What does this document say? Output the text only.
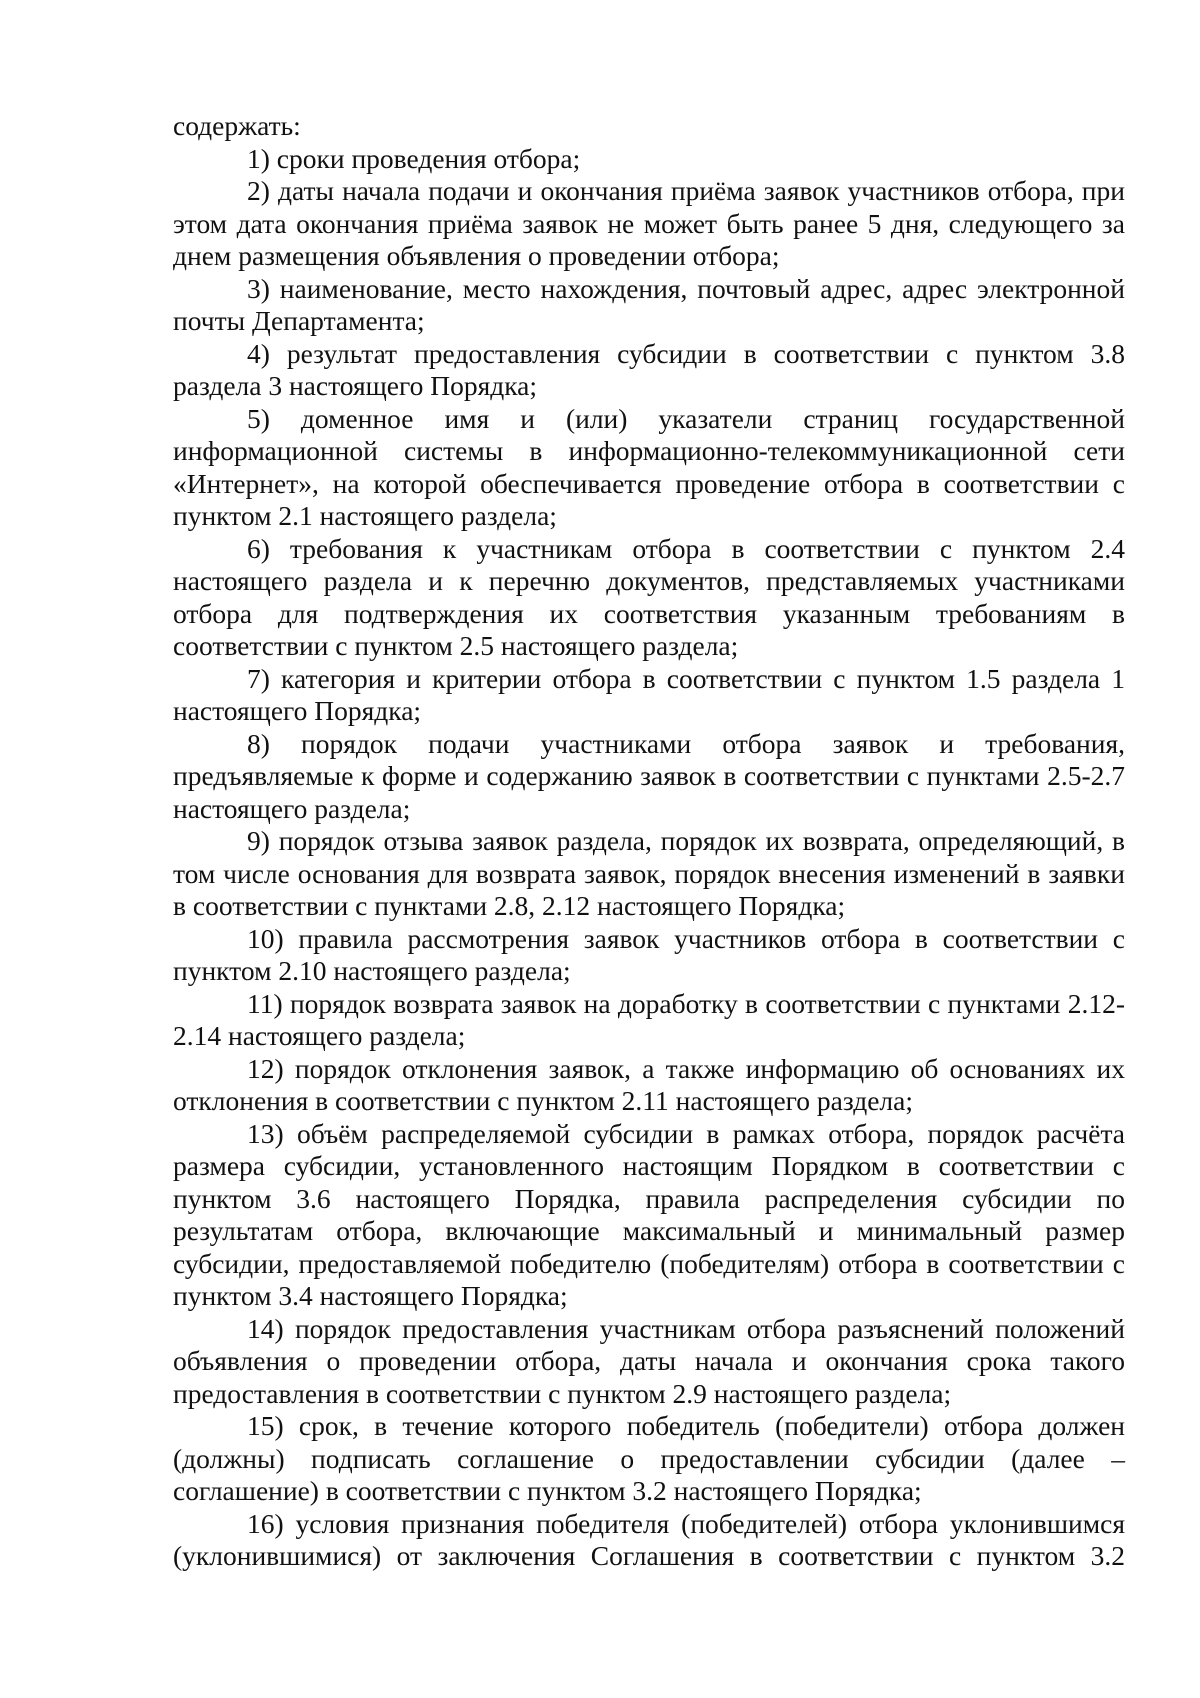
содержать:

1) сроки проведения отбора;

2) даты начала подачи и окончания приёма заявок участников отбора, при этом дата окончания приёма заявок не может быть ранее 5 дня, следующего за днем размещения объявления о проведении отбора;

3) наименование, место нахождения, почтовый адрес, адрес электронной почты Департамента;

4) результат предоставления субсидии в соответствии с пунктом 3.8 раздела 3 настоящего Порядка;

5) доменное имя и (или) указатели страниц государственной информационной системы в информационно-телекоммуникационной сети «Интернет», на которой обеспечивается проведение отбора в соответствии с пунктом 2.1 настоящего раздела;

6) требования к участникам отбора в соответствии с пунктом 2.4 настоящего раздела и к перечню документов, представляемых участниками отбора для подтверждения их соответствия указанным требованиям в соответствии с пунктом 2.5 настоящего раздела;

7) категория и критерии отбора в соответствии с пунктом 1.5 раздела 1 настоящего Порядка;

8) порядок подачи участниками отбора заявок и требования, предъявляемые к форме и содержанию заявок в соответствии с пунктами 2.5-2.7 настоящего раздела;

9) порядок отзыва заявок раздела, порядок их возврата, определяющий, в том числе основания для возврата заявок, порядок внесения изменений в заявки в соответствии с пунктами 2.8, 2.12 настоящего Порядка;

10) правила рассмотрения заявок участников отбора в соответствии с пунктом 2.10 настоящего раздела;

11) порядок возврата заявок на доработку в соответствии с пунктами 2.12-2.14 настоящего раздела;

12) порядок отклонения заявок, а также информацию об основаниях их отклонения в соответствии с пунктом 2.11 настоящего раздела;

13) объём распределяемой субсидии в рамках отбора, порядок расчёта размера субсидии, установленного настоящим Порядком в соответствии с пунктом 3.6 настоящего Порядка, правила распределения субсидии по результатам отбора, включающие максимальный и минимальный размер субсидии, предоставляемой победителю (победителям) отбора в соответствии с пунктом 3.4 настоящего Порядка;

14) порядок предоставления участникам отбора разъяснений положений объявления о проведении отбора, даты начала и окончания срока такого предоставления в соответствии с пунктом 2.9 настоящего раздела;

15) срок, в течение которого победитель (победители) отбора должен (должны) подписать соглашение о предоставлении субсидии (далее – соглашение) в соответствии с пунктом 3.2 настоящего Порядка;

16) условия признания победителя (победителей) отбора уклонившимся (уклонившимися) от заключения Соглашения в соответствии с пунктом 3.2
